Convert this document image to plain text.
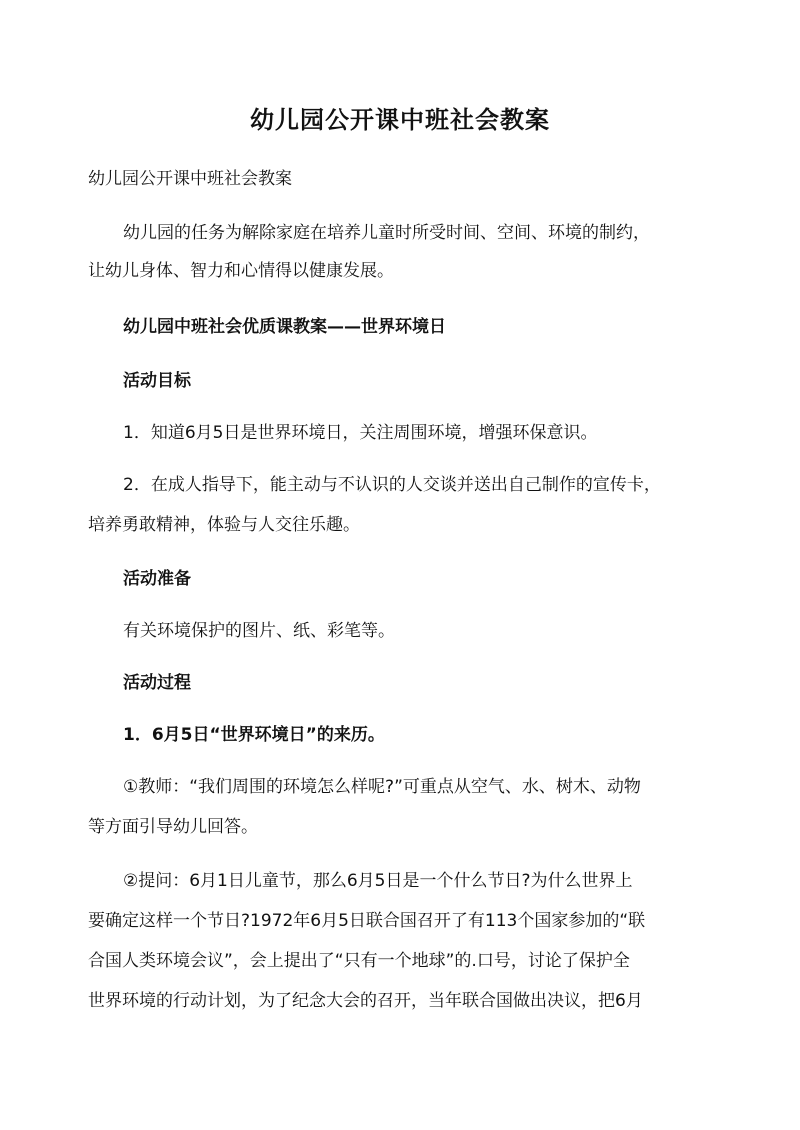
幼儿园公开课中班社会教案
幼儿园公开课中班社会教案
幼儿园的任务为解除家庭在培养儿童时所受时间、空间、环境的制约，
让幼儿身体、智力和心情得以健康发展。
幼儿园中班社会优质课教案——世界环境日
活动目标
1．知道6月5日是世界环境日，关注周围环境，增强环保意识。
2．在成人指导下，能主动与不认识的人交谈并送出自己制作的宣传卡，
培养勇敢精神，体验与人交往乐趣。
活动准备
有关环境保护的图片、纸、彩笔等。
活动过程
1．6月5日“世界环境日”的来历。
①教师：“我们周围的环境怎么样呢?”可重点从空气、水、树木、动物
等方面引导幼儿回答。
②提问：6月1日儿童节，那么6月5日是一个什么节日?为什么世界上
要确定这样一个节日?1972年6月5日联合国召开了有113个国家参加的“联
合国人类环境会议”，会上提出了“只有一个地球”的.口号，讨论了保护全
世界环境的行动计划，为了纪念大会的召开，当年联合国做出决议，把6月
